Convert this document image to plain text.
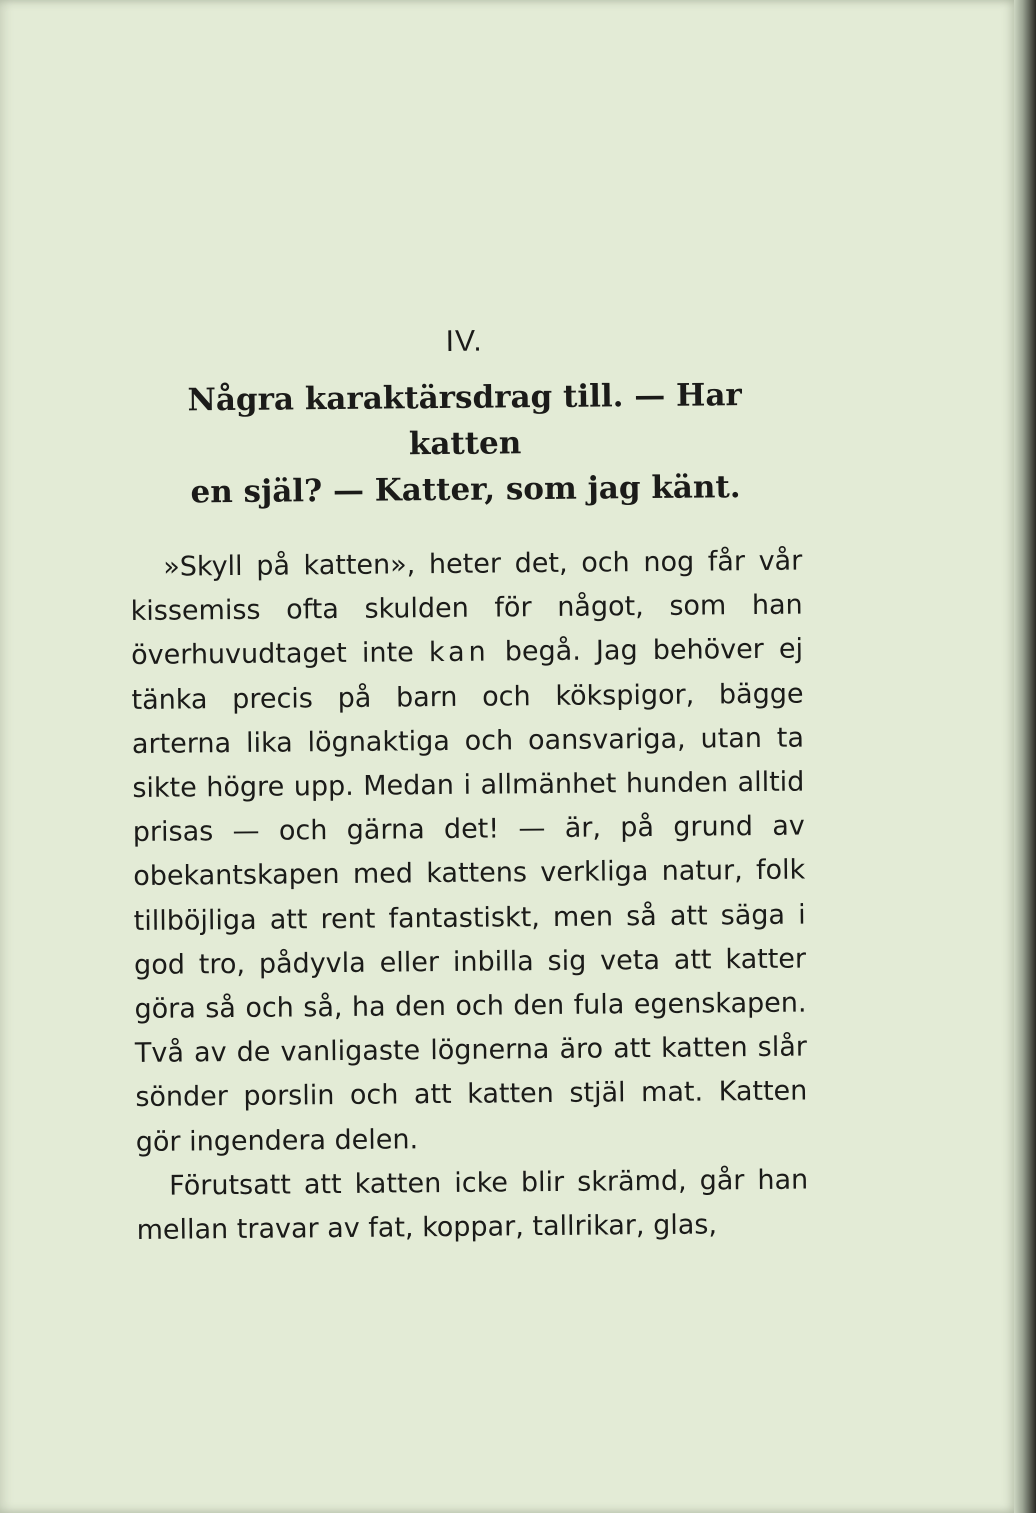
IV.
Några karaktärsdrag till. — Har katten
en själ? — Katter, som jag känt.

»Skyll på katten», heter det, och nog får vår kissemiss ofta skulden för något, som han överhuvudtaget inte kan begå. Jag behöver ej tänka precis på barn och kökspigor, bägge arterna lika lögnaktiga och oansvariga, utan ta sikte högre upp. Medan i allmänhet hunden alltid prisas — och gärna det! — är, på grund av obekantskapen med kattens verkliga natur, folk tillböjliga att rent fantastiskt, men så att säga i god tro, pådyvla eller inbilla sig veta att katter göra så och så, ha den och den fula egenskapen. Två av de vanligaste lögnerna äro att katten slår sönder porslin och att katten stjäl mat. Katten gör ingendera delen.

Förutsatt att katten icke blir skrämd, går han mellan travar av fat, koppar, tallrikar, glas,
